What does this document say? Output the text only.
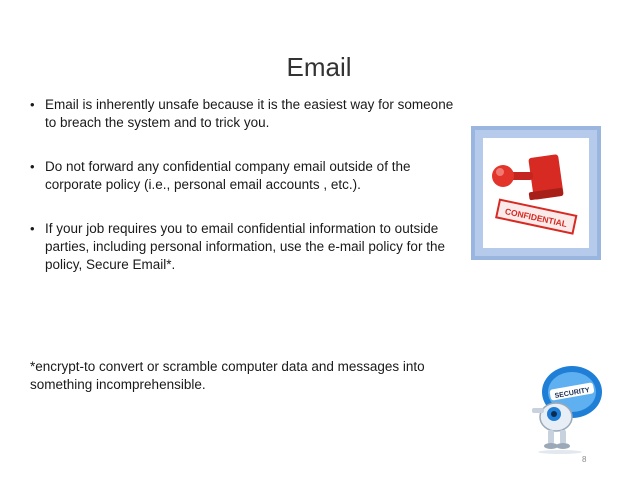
Email
• Email is inherently unsafe because it is the easiest way for someone to breach the system and to trick you.
• Do not forward any confidential company email outside of the corporate policy (i.e., personal email accounts , etc.).
• If your job requires you to email confidential information to outside parties, including personal information, use the e-mail policy for the policy, Secure Email*.
*encrypt-to convert or scramble computer data and messages into something incomprehensible.
CONFIDENTIAL
SECURITY
8
